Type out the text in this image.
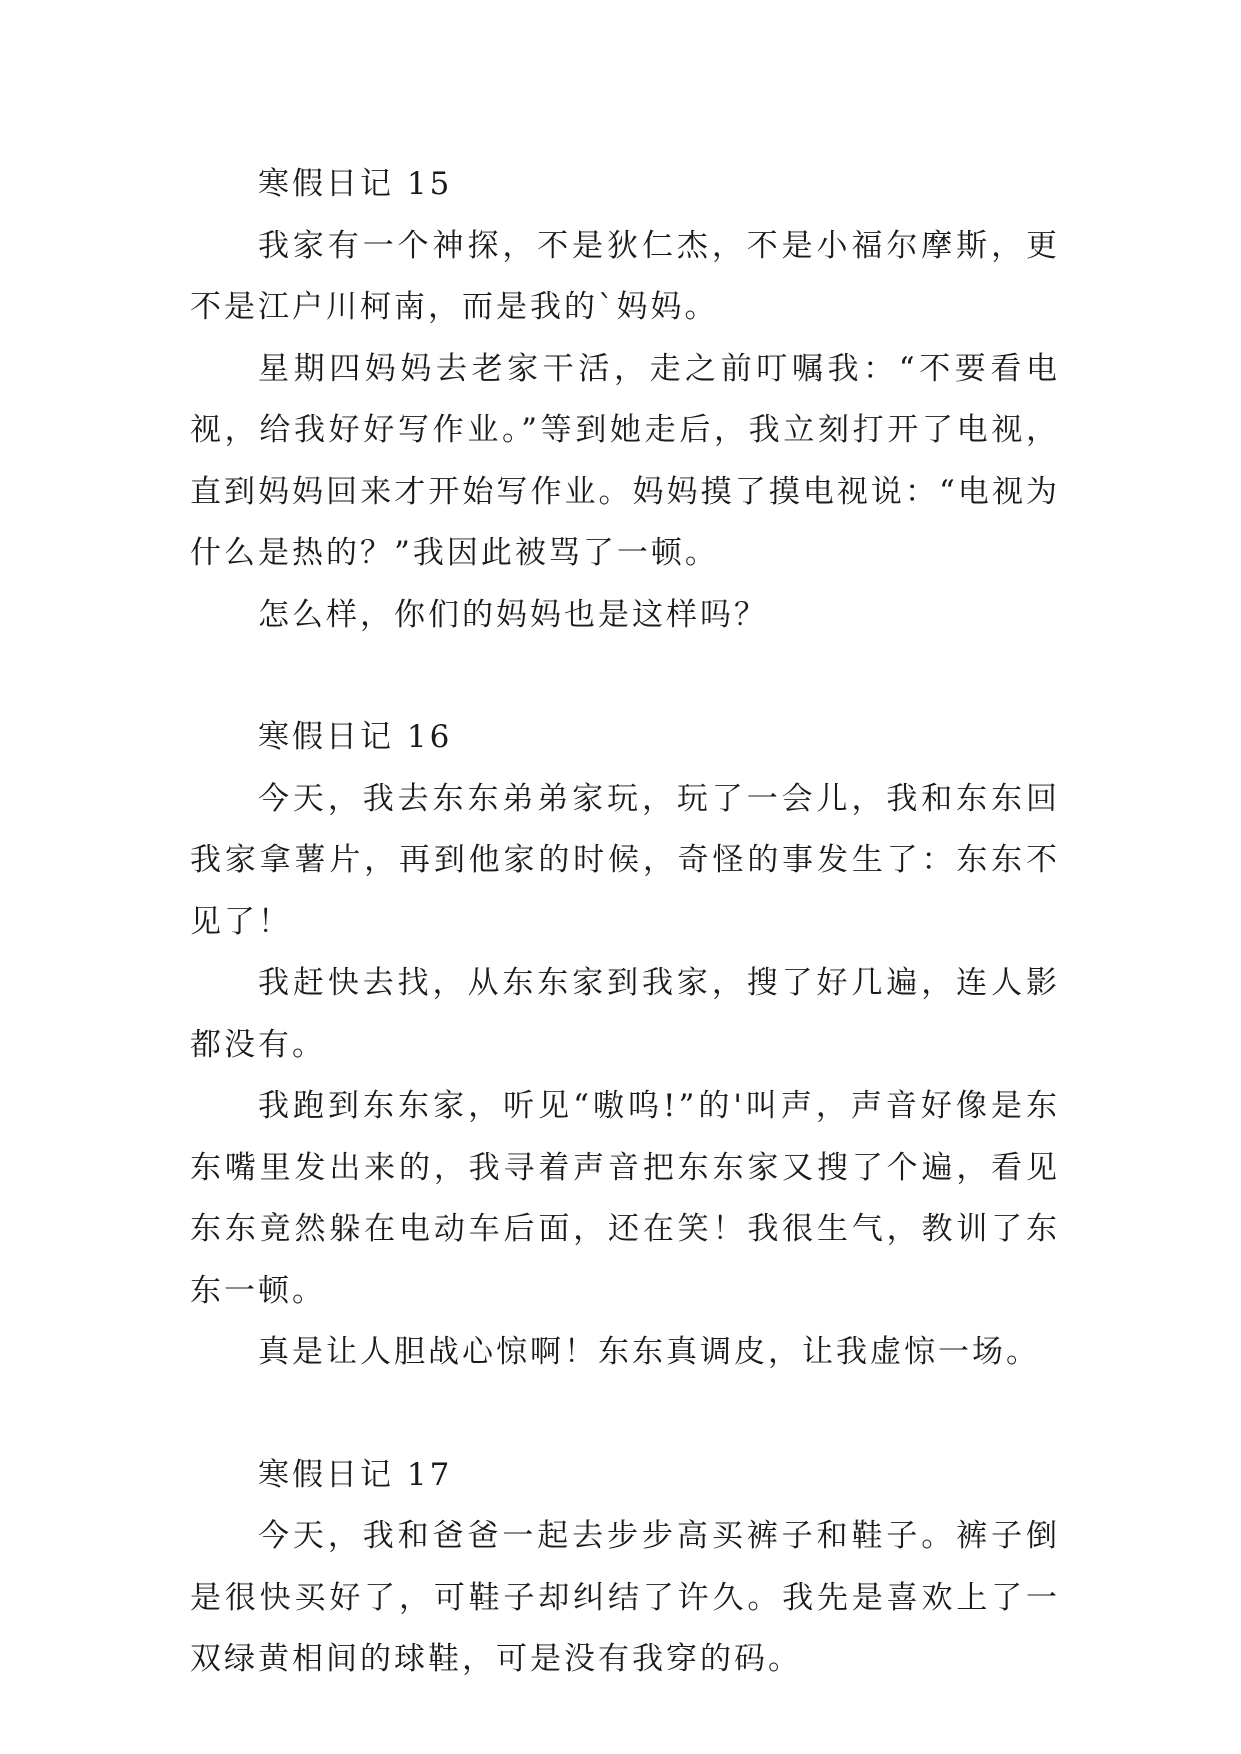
寒假日记 15

我家有一个神探，不是狄仁杰，不是小福尔摩斯，更不是江户川柯南，而是我的`妈妈。

星期四妈妈去老家干活，走之前叮嘱我：“不要看电视，给我好好写作业。”等到她走后，我立刻打开了电视，直到妈妈回来才开始写作业。妈妈摸了摸电视说：“电视为什么是热的？”我因此被骂了一顿。

怎么样，你们的妈妈也是这样吗？

寒假日记 16

今天，我去东东弟弟家玩，玩了一会儿，我和东东回我家拿薯片，再到他家的时候，奇怪的事发生了：东东不见了！

我赶快去找，从东东家到我家，搜了好几遍，连人影都没有。

我跑到东东家，听见“嗷呜!”的'叫声，声音好像是东东嘴里发出来的，我寻着声音把东东家又搜了个遍，看见东东竟然躲在电动车后面，还在笑！我很生气，教训了东东一顿。

真是让人胆战心惊啊！东东真调皮，让我虚惊一场。

寒假日记 17

今天，我和爸爸一起去步步高买裤子和鞋子。裤子倒是很快买好了，可鞋子却纠结了许久。我先是喜欢上了一双绿黄相间的球鞋，可是没有我穿的码。
